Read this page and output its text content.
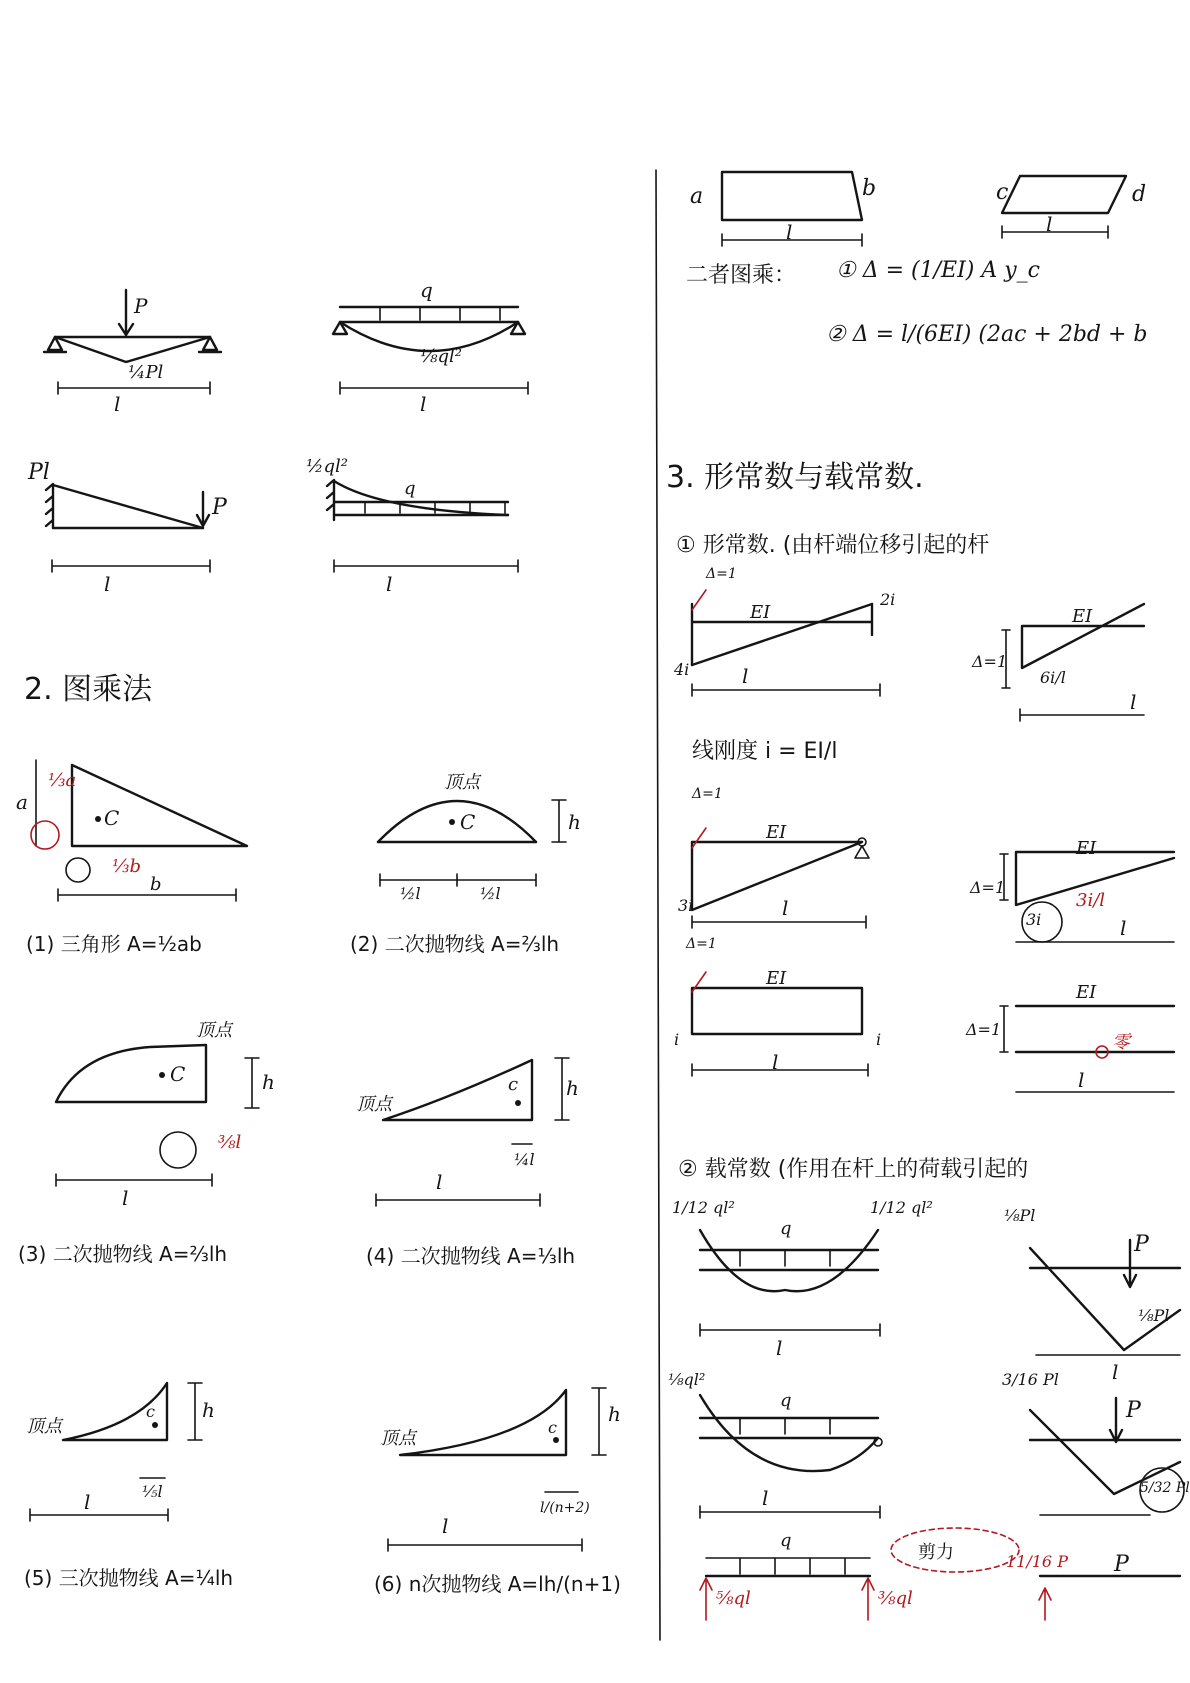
P
¼Pl
l
q
⅛ql²
l
Pl
P
l
½ql²
q
l
2. 图乘法
C
a
⅓a
⅓b
b
(1) 三角形 A=½ab
顶点
C	h
½l	½l
(2) 二次抛物线 A=⅔lh
顶点
C	h
⅜l
l
(3) 二次抛物线 A=⅔lh
顶点
c h
¼l
l
(4) 二次抛物线 A=⅓lh
顶点
c h
⅕l
l
(5) 三次抛物线 A=¼lh
顶点
c
h
l/(n+2)
l
(6) n次抛物线 A=lh/(n+1)
a	b	c	d
l	l
二者图乘： ① Δ = (1/EI) A y_c
② Δ = l/(6EI) (2ac + 2bd + b
3. 形常数与载常数.
① 形常数. (由杆端位移引起的杆
Δ=1
EI
4i
2i
l
Δ=1
EI
6i/l
l
线刚度 i = EI/l
Δ=1
EI
3i	l
Δ=1
EI
3i
3i/l
l
Δ=1
EI
i	i
l
Δ=1
EI
零
l
② 载常数 (作用在杆上的荷载引起的
1/12 ql²	1/12 ql²
q
l
⅛Pl
P
⅛Pl
l
⅛ql²
q
l
3/16 Pl
P
5/32 Pl
q
剪力
⅝ql	⅜ql
11/16 P P
